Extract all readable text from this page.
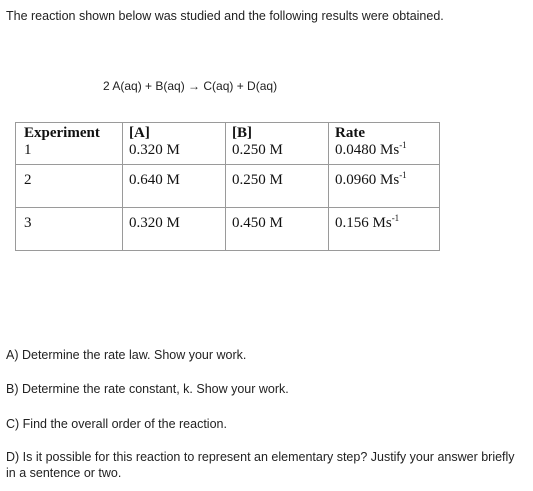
The reaction shown below was studied and the following results were obtained.
2 A(aq) + B(aq) → C(aq) + D(aq)
Experiment	[A]	[B]	Rate
1	0.320 M	0.250 M	0.0480 $Ms^{-1}$
2	0.640 M	0.250 M	0.0960 $Ms^{-1}$
3	0.320 M	0.450 M	0.156 $Ms^{-1}$
A) Determine the rate law. Show your work.
B) Determine the rate constant, k. Show your work.
C) Find the overall order of the reaction.
D) Is it possible for this reaction to represent an elementary step? Justify your answer briefly in a sentence or two.
